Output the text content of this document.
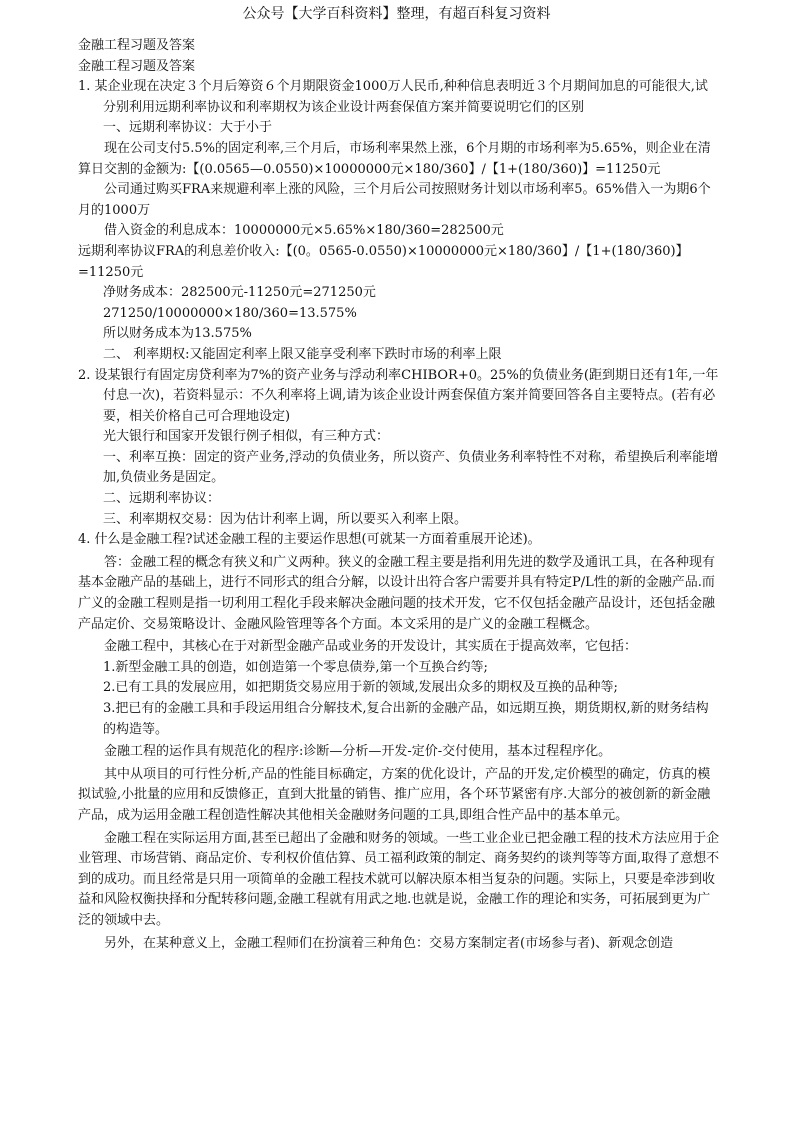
公众号【大学百科资料】整理，有超百科复习资料

金融工程习题及答案

金融工程习题及答案

1. 某企业现在决定３个月后筹资６个月期限资金1000万人民币,种种信息表明近３个月期间加息的可能很大,试分别利用远期利率协议和利率期权为该企业设计两套保值方案并简要说明它们的区别

一、远期利率协议：大于小于

现在公司支付5.5%的固定利率,三个月后，市场利率果然上涨，6个月期的市场利率为5.65%，则企业在清算日交割的金额为:【(0.0565—0.0550)×10000000元×180/360】/【1+(180/360)】=11250元

公司通过购买FRA来规避利率上涨的风险，三个月后公司按照财务计划以市场利率5。65%借入一为期6个月的1000万

借入资金的利息成本：10000000元×5.65%×180/360=282500元

远期利率协议FRA的利息差价收入:【(0。0565-0.0550)×10000000元×180/360】/【1+(180/360)】=11250元

净财务成本：282500元-11250元=271250元

271250/10000000×180/360=13.575%

所以财务成本为13.575%

二、 利率期权:又能固定利率上限又能享受利率下跌时市场的利率上限

2. 设某银行有固定房贷利率为7%的资产业务与浮动利率CHIBOR+0。25%的负债业务(距到期日还有1年,一年付息一次)，若资料显示：不久利率将上调,请为该企业设计两套保值方案并简要回答各自主要特点。(若有必要，相关价格自己可合理地设定)

光大银行和国家开发银行例子相似，有三种方式：

一、利率互换：固定的资产业务,浮动的负债业务，所以资产、负债业务利率特性不对称，希望换后利率能增加,负债业务是固定。

二、远期利率协议：

三、利率期权交易：因为估计利率上调，所以要买入利率上限。

4. 什么是金融工程?试述金融工程的主要运作思想(可就某一方面着重展开论述)。

答：金融工程的概念有狭义和广义两种。狭义的金融工程主要是指利用先进的数学及通讯工具，在各种现有基本金融产品的基础上，进行不同形式的组合分解，以设计出符合客户需要并具有特定P/L性的新的金融产品.而广义的金融工程则是指一切利用工程化手段来解决金融问题的技术开发，它不仅包括金融产品设计，还包括金融产品定价、交易策略设计、金融风险管理等各个方面。本文采用的是广义的金融工程概念。

金融工程中，其核心在于对新型金融产品或业务的开发设计，其实质在于提高效率，它包括：

1.新型金融工具的创造，如创造第一个零息债券,第一个互换合约等;

2.已有工具的发展应用，如把期货交易应用于新的领域,发展出众多的期权及互换的品种等;

3.把已有的金融工具和手段运用组合分解技术,复合出新的金融产品，如远期互换，期货期权,新的财务结构的构造等。

金融工程的运作具有规范化的程序:诊断—分析—开发-定价-交付使用，基本过程程序化。

其中从项目的可行性分析,产品的性能目标确定，方案的优化设计，产品的开发,定价模型的确定，仿真的模拟试验,小批量的应用和反馈修正，直到大批量的销售、推广应用，各个环节紧密有序.大部分的被创新的新金融产品，成为运用金融工程创造性解决其他相关金融财务问题的工具,即组合性产品中的基本单元。

金融工程在实际运用方面,甚至已超出了金融和财务的领域。一些工业企业已把金融工程的技术方法应用于企业管理、市场营销、商品定价、专利权价值估算、员工福利政策的制定、商务契约的谈判等等方面,取得了意想不到的成功。而且经常是只用一项简单的金融工程技术就可以解决原本相当复杂的问题。实际上，只要是牵涉到收益和风险权衡抉择和分配转移问题,金融工程就有用武之地.也就是说，金融工作的理论和实务，可拓展到更为广泛的领域中去。

另外，在某种意义上，金融工程师们在扮演着三种角色：交易方案制定者(市场参与者)、新观念创造
